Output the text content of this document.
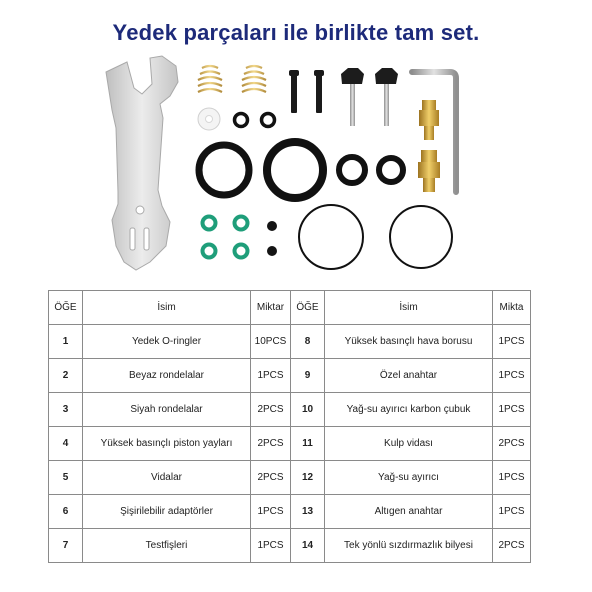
Yedek parçaları ile birlikte tam set.
ÖĞE	İsim	Miktar	ÖĞE	İsim	Mikta
1	Yedek O-ringler	10PCS	8	Yüksek basınçlı hava borusu	1PCS
2	Beyaz rondelalar	1PCS	9	Özel anahtar	1PCS
3	Siyah rondelalar	2PCS	10	Yağ-su ayırıcı karbon çubuk	1PCS
4	Yüksek basınçlı piston yayları	2PCS	11	Kulp vidası	2PCS
5	Vidalar	2PCS	12	Yağ-su ayırıcı	1PCS
6	Şişirilebilir adaptörler	1PCS	13	Altıgen anahtar	1PCS
7	Testfişleri	1PCS	14	Tek yönlü sızdırmazlık bilyesi	2PCS
